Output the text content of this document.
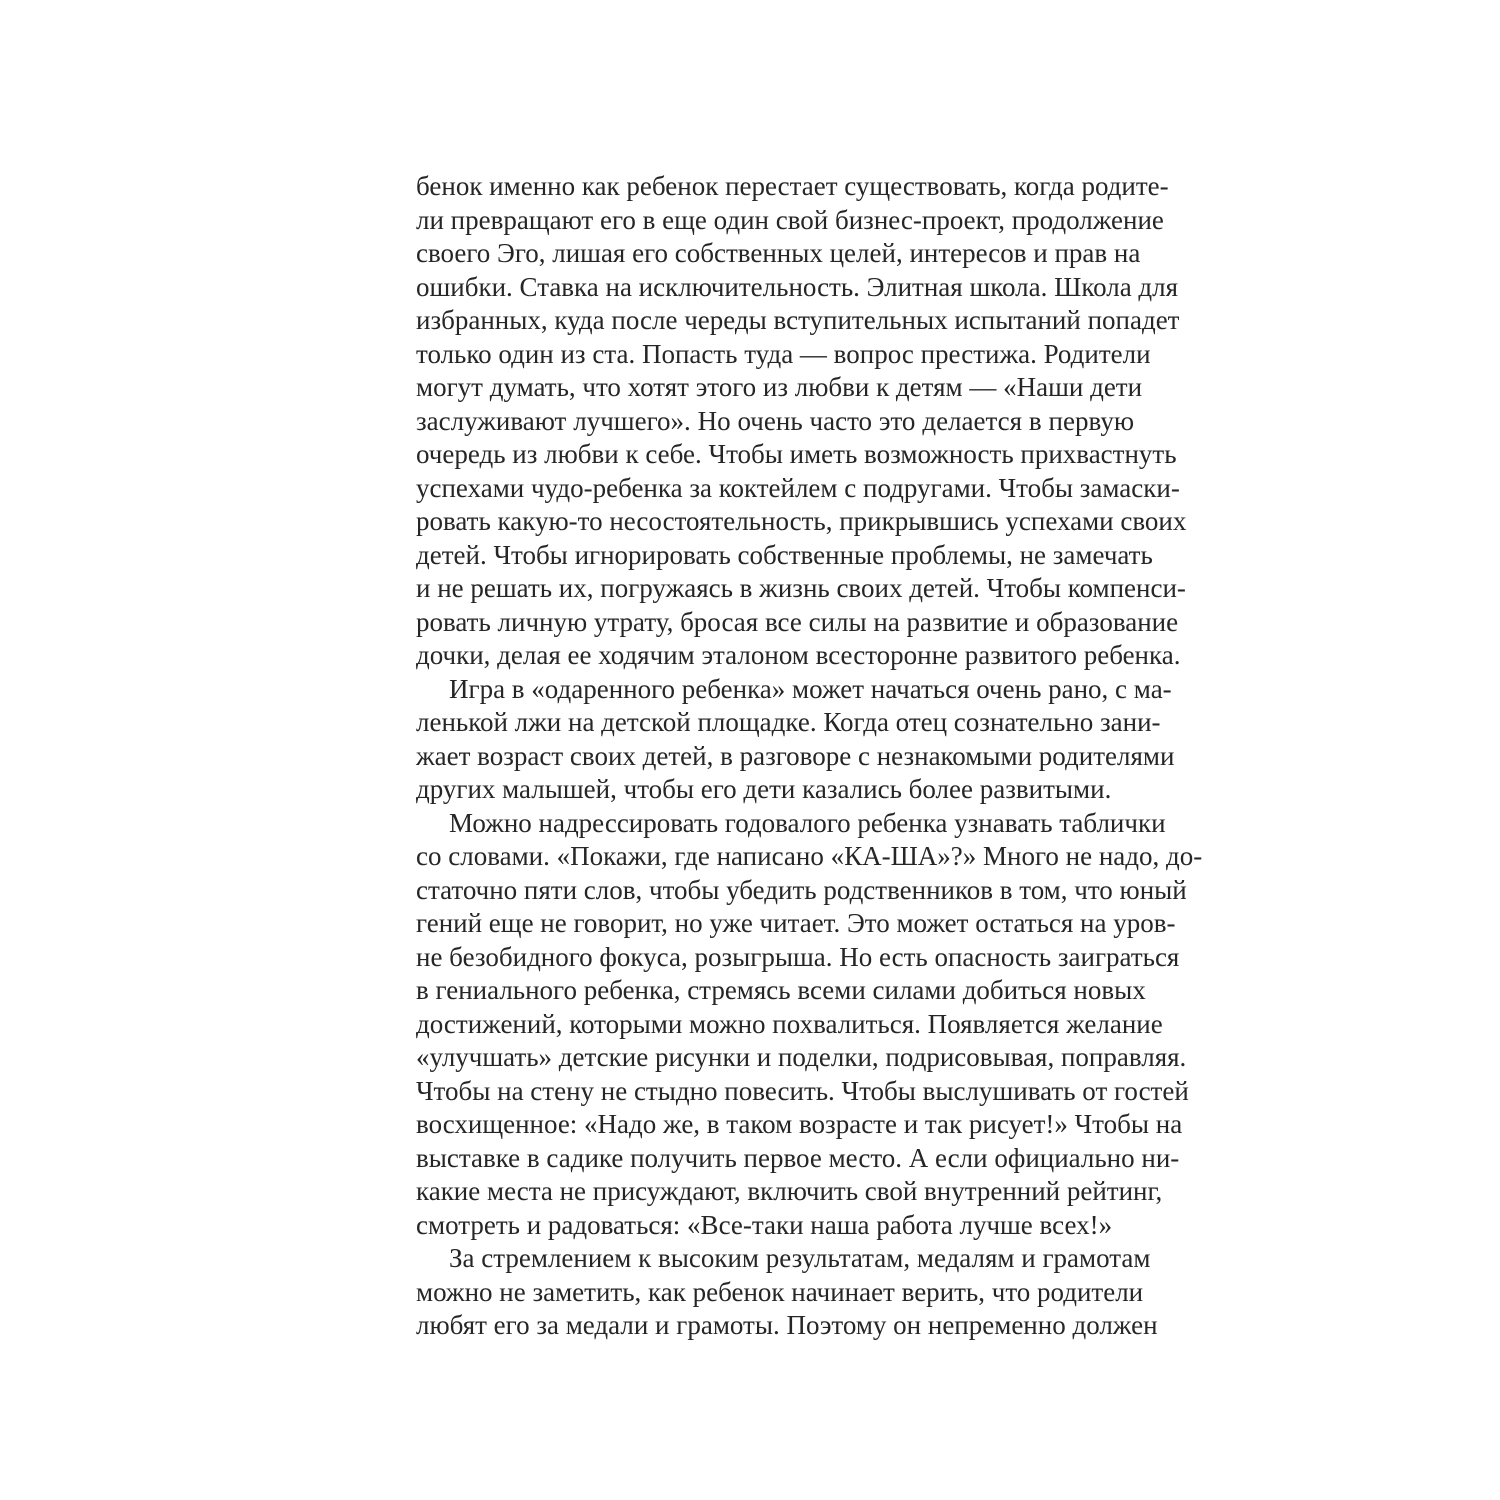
бенок именно как ребенок перестает существовать, когда родите-
ли превращают его в еще один свой бизнес-проект, продолжение
своего Эго, лишая его собственных целей, интересов и прав на
ошибки. Ставка на исключительность. Элитная школа. Школа для
избранных, куда после череды вступительных испытаний попадет
только один из ста. Попасть туда — вопрос престижа. Родители
могут думать, что хотят этого из любви к детям — «Наши дети
заслуживают лучшего». Но очень часто это делается в первую
очередь из любви к себе. Чтобы иметь возможность прихвастнуть
успехами чудо-ребенка за коктейлем с подругами. Чтобы замаски-
ровать какую-то несостоятельность, прикрывшись успехами своих
детей. Чтобы игнорировать собственные проблемы, не замечать
и не решать их, погружаясь в жизнь своих детей. Чтобы компенси-
ровать личную утрату, бросая все силы на развитие и образование
дочки, делая ее ходячим эталоном всесторонне развитого ребенка.

Игра в «одаренного ребенка» может начаться очень рано, с ма-
ленькой лжи на детской площадке. Когда отец сознательно зани-
жает возраст своих детей, в разговоре с незнакомыми родителями
других малышей, чтобы его дети казались более развитыми.

Можно надрессировать годовалого ребенка узнавать таблички
со словами. «Покажи, где написано «КА-ША»?» Много не надо, до-
статочно пяти слов, чтобы убедить родственников в том, что юный
гений еще не говорит, но уже читает. Это может остаться на уров-
не безобидного фокуса, розыгрыша. Но есть опасность заиграться
в гениального ребенка, стремясь всеми силами добиться новых
достижений, которыми можно похвалиться. Появляется желание
«улучшать» детские рисунки и поделки, подрисовывая, поправляя.
Чтобы на стену не стыдно повесить. Чтобы выслушивать от гостей
восхищенное: «Надо же, в таком возрасте и так рисует!» Чтобы на
выставке в садике получить первое место. А если официально ни-
какие места не присуждают, включить свой внутренний рейтинг,
смотреть и радоваться: «Все-таки наша работа лучше всех!»

За стремлением к высоким результатам, медалям и грамотам
можно не заметить, как ребенок начинает верить, что родители
любят его за медали и грамоты. Поэтому он непременно должен
